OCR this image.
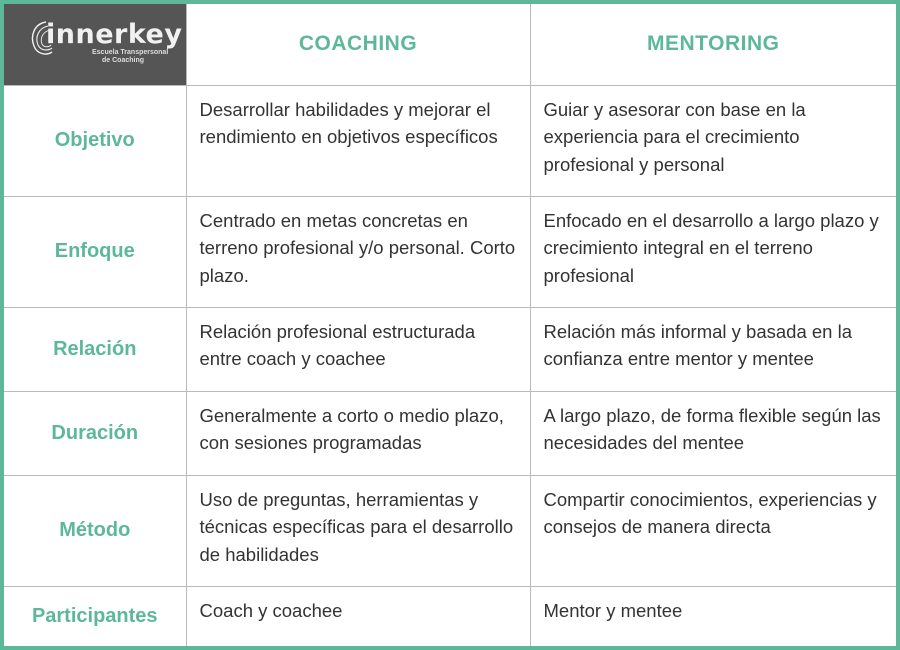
innerkey
Escuela Transpersonal
de Coaching	COACHING	MENTORING
Objetivo	Desarrollar habilidades y mejorar el rendimiento en objetivos específicos	Guiar y asesorar con base en la experiencia para el crecimiento profesional y personal
Enfoque	Centrado en metas concretas en terreno profesional y/o personal. Corto plazo.	Enfocado en el desarrollo a largo plazo y crecimiento integral en el terreno profesional
Relación	Relación profesional estructurada entre coach y coachee	Relación más informal y basada en la confianza entre mentor y mentee
Duración	Generalmente a corto o medio plazo, con sesiones programadas	A largo plazo, de forma flexible según las necesidades del mentee
Método	Uso de preguntas, herramientas y técnicas específicas para el desarrollo de habilidades	Compartir conocimientos, experiencias y consejos de manera directa
Participantes	Coach y coachee	Mentor y mentee
